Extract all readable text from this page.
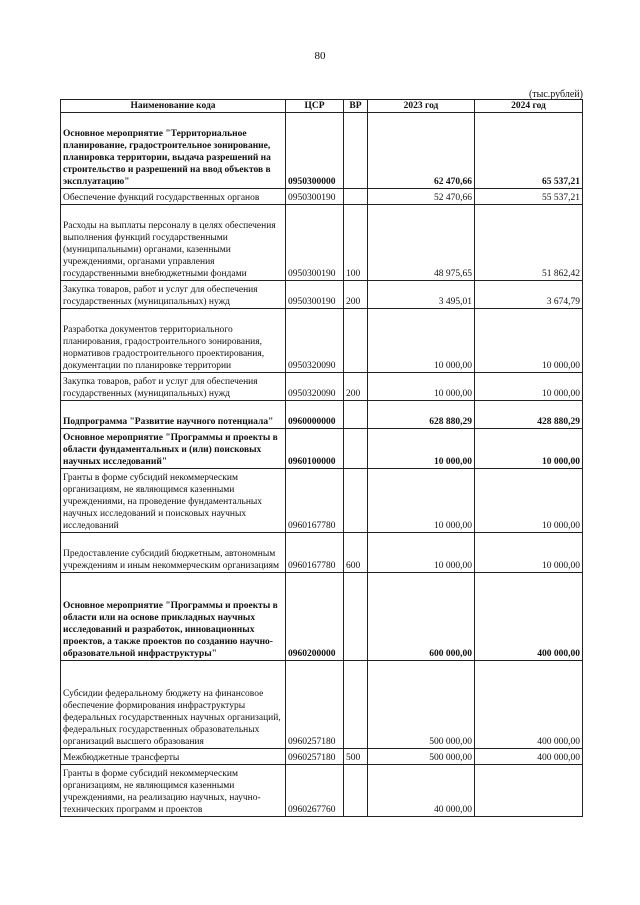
80
(тыс.рублей)
Наименование кода	ЦСР	ВР	2023 год	2024 год
Основное мероприятие "Территориальное планирование, градостроительное зонирование, планировка территории, выдача разрешений на строительство и разрешений на ввод объектов в эксплуатацию"	0950300000		62 470,66	65 537,21
Обеспечение функций государственных органов	0950300190		52 470,66	55 537,21
Расходы на выплаты персоналу в целях обеспечения выполнения функций государственными (муниципальными) органами, казенными учреждениями, органами управления государственными внебюджетными фондами	0950300190	100	48 975,65	51 862,42
Закупка товаров, работ и услуг для обеспечения государственных (муниципальных) нужд	0950300190	200	3 495,01	3 674,79
Разработка документов территориального планирования, градостроительного зонирования, нормативов градостроительного проектирования, документации по планировке территории	0950320090		10 000,00	10 000,00
Закупка товаров, работ и услуг для обеспечения государственных (муниципальных) нужд	0950320090	200	10 000,00	10 000,00
Подпрограмма "Развитие научного потенциала"	0960000000		628 880,29	428 880,29
Основное мероприятие "Программы и проекты в области фундаментальных и (или) поисковых научных исследований"	0960100000		10 000,00	10 000,00
Гранты в форме субсидий некоммерческим организациям, не являющимся казенными учреждениями, на проведение фундаментальных научных исследований и поисковых научных исследований	0960167780		10 000,00	10 000,00
Предоставление субсидий бюджетным, автономным учреждениям и иным некоммерческим организациям	0960167780	600	10 000,00	10 000,00
Основное мероприятие "Программы и проекты в области или на основе прикладных научных исследований и разработок, инновационных проектов, а также проектов по созданию научно-образовательной инфраструктуры"	0960200000		600 000,00	400 000,00
Субсидии федеральному бюджету на финансовое обеспечение формирования инфраструктуры федеральных государственных научных организаций, федеральных государственных образовательных организаций высшего образования	0960257180		500 000,00	400 000,00
Межбюджетные трансферты	0960257180	500	500 000,00	400 000,00
Гранты в форме субсидий некоммерческим организациям, не являющимся казенными учреждениями, на реализацию научных, научно-технических программ и проектов	0960267760		40 000,00	
